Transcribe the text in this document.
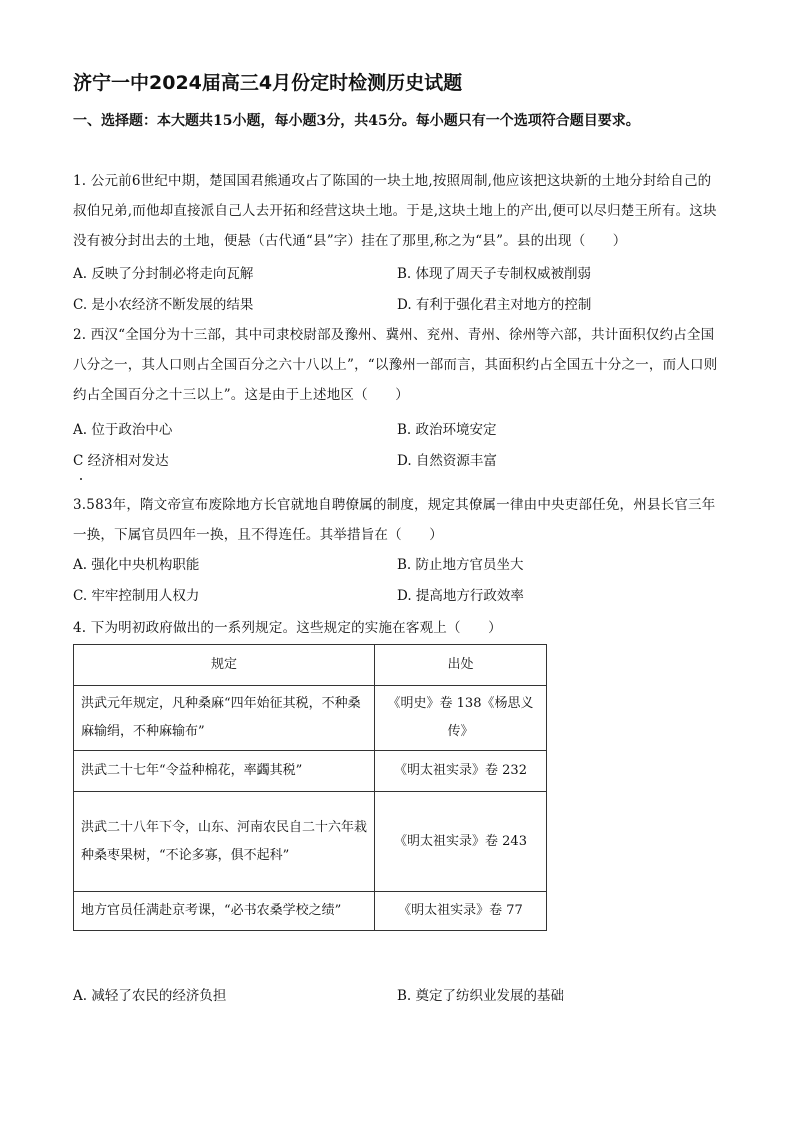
济宁一中2024届高三4月份定时检测历史试题
一、选择题：本大题共15小题，每小题3分，共45分。每小题只有一个选项符合题目要求。
1. 公元前6世纪中期，楚国国君熊通攻占了陈国的一块土地,按照周制,他应该把这块新的土地分封给自己的叔伯兄弟,而他却直接派自己人去开拓和经营这块土地。于是,这块土地上的产出,便可以尽归楚王所有。这块没有被分封出去的土地，便悬（古代通“县”字）挂在了那里,称之为“县”。县的出现（　　）
A. 反映了分封制必将走向瓦解	B. 体现了周天子专制权威被削弱
C. 是小农经济不断发展的结果	D. 有利于强化君主对地方的控制
2. 西汉“全国分为十三部，其中司隶校尉部及豫州、冀州、兖州、青州、徐州等六部，共计面积仅约占全国八分之一，其人口则占全国百分之六十八以上”，“以豫州一部而言，其面积约占全国五十分之一，而人口则约占全国百分之十三以上”。这是由于上述地区（　　）
A. 位于政治中心	B. 政治环境安定
C 经济相对发达	D. 自然资源丰富
3.583年，隋文帝宣布废除地方长官就地自聘僚属的制度，规定其僚属一律由中央吏部任免，州县长官三年一换，下属官员四年一换，且不得连任。其举措旨在（　　）
A. 强化中央机构职能	B. 防止地方官员坐大
C. 牢牢控制用人权力	D. 提高地方行政效率
4. 下为明初政府做出的一系列规定。这些规定的实施在客观上（　　）
规定	出处
洪武元年规定，凡种桑麻“四年始征其税，不种桑麻输绢，不种麻输布”	《明史》卷 138《杨思义传》
洪武二十七年“令益种棉花，率蠲其税”	《明太祖实录》卷 232
洪武二十八年下令，山东、河南农民自二十六年栽种桑枣果树，“不论多寡，俱不起科”	《明太祖实录》卷 243
地方官员任满赴京考课，“必书农桑学校之绩”	《明太祖实录》卷 77
A. 减轻了农民的经济负担	B. 奠定了纺织业发展的基础
